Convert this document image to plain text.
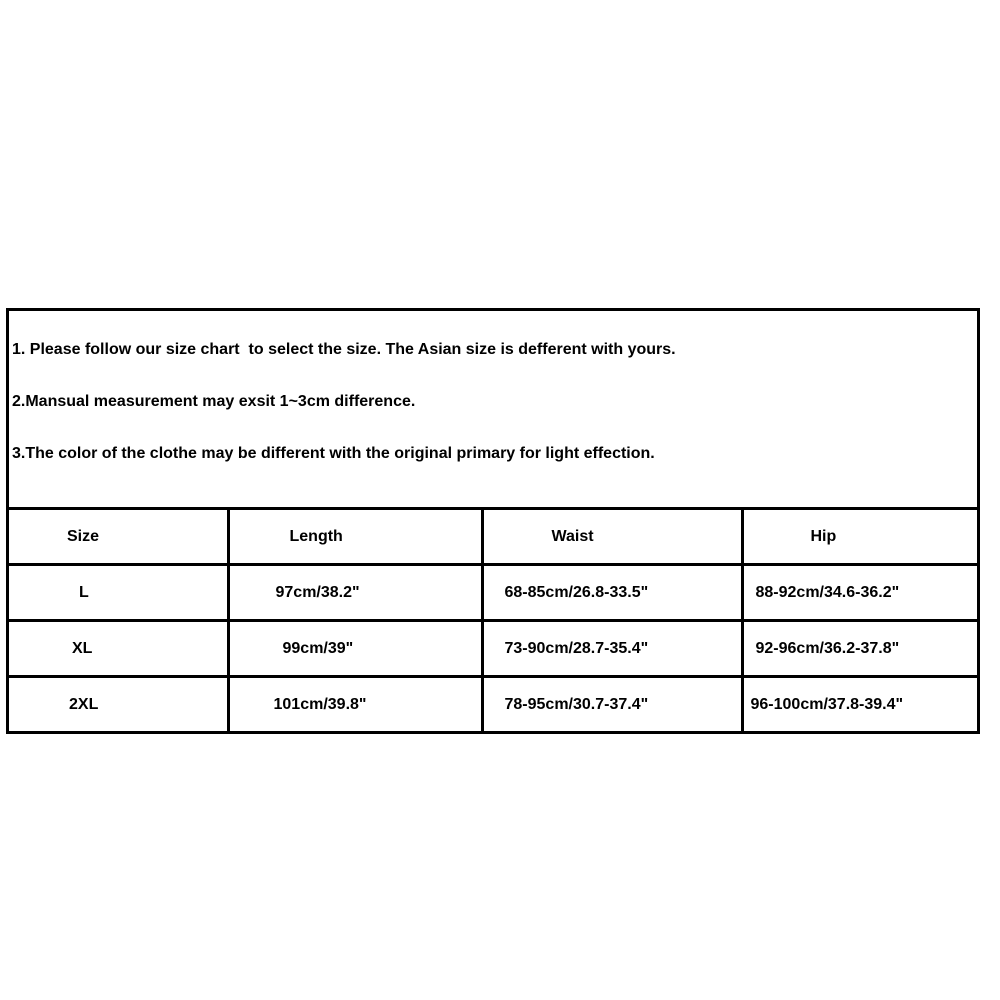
1. Please follow our size chart  to select the size. The Asian size is defferent with yours.
2.Mansual measurement may exsit 1~3cm difference.
3.The color of the clothe may be different with the original primary for light effection.
Size	Length	Waist	Hip
L	97cm/38.2"	68-85cm/26.8-33.5"	88-92cm/34.6-36.2"
XL	99cm/39"	73-90cm/28.7-35.4"	92-96cm/36.2-37.8"
2XL	101cm/39.8"	78-95cm/30.7-37.4"	96-100cm/37.8-39.4"
